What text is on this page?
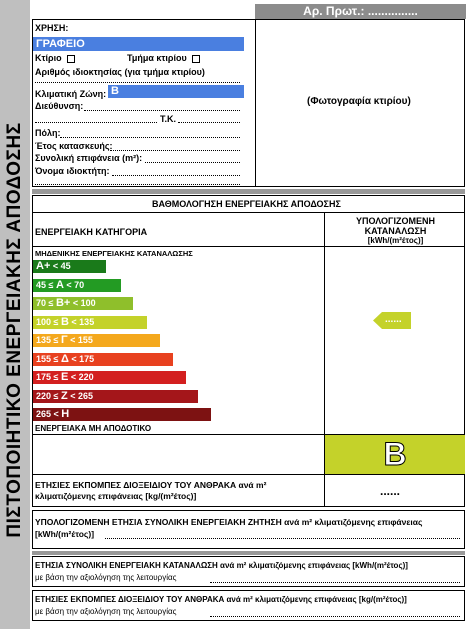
ΠΙΣΤΟΠΟΙΗΤΙΚΟ ΕΝΕΡΓΕΙΑΚΗΣ ΑΠΟΔΟΣΗΣ
Αρ. Πρωτ.: ...............
ΧΡΗΣΗ:
ΓΡΑΦΕΙΟ
Κτίριο	Τμήμα κτιρίου
Αριθμός ιδιοκτησίας (για τμήμα κτιρίου)
Κλιματική Ζώνη: Β
Διεύθυνση:
Τ.Κ.
Πόλη:
Έτος κατασκευής:
Συνολική επιφάνεια (m²):
Όνομα ιδιοκτήτη:
(Φωτογραφία κτιρίου)
ΒΑΘΜΟΛΟΓΗΣΗ ΕΝΕΡΓΕΙΑΚΗΣ ΑΠΟΔΟΣΗΣ
ΕΝΕΡΓΕΙΑΚΗ ΚΑΤΗΓΟΡΙΑ
ΥΠΟΛΟΓΙΖΟΜΕΝΗ
ΚΑΤΑΝΑΛΩΣΗ
[kWh/(m²έτος)]
ΜΗΔΕΝΙΚΗΣ ΕΝΕΡΓΕΙΑΚΗΣ ΚΑΤΑΝΑΛΩΣΗΣ
A+ < 45
45 ≤ A < 70
70 ≤ B+ < 100
100 ≤ B < 135
135 ≤ Γ < 155
155 ≤ Δ < 175
175 ≤ E < 220
220 ≤ Z < 265
265 < H
......
ΕΝΕΡΓΕΙΑΚΑ ΜΗ ΑΠΟΔΟΤΙΚΟ
B
ΕΤΗΣΙΕΣ ΕΚΠΟΜΠΕΣ ΔΙΟΞΕΙΔΙΟΥ ΤΟΥ ΑΝΘΡΑΚΑ ανά m²
κλιματιζόμενης επιφάνειας [kg/(m²έτος)]	......
ΥΠΟΛΟΓΙΖΟΜΕΝΗ ΕΤΗΣΙΑ ΣΥΝΟΛΙΚΗ ΕΝΕΡΓΕΙΑΚΗ ΖΗΤΗΣΗ ανά m² κλιματιζόμενης επιφάνειας
[kWh/(m²έτος)]
ΕΤΗΣΙΑ ΣΥΝΟΛΙΚΗ ΕΝΕΡΓΕΙΑΚΗ ΚΑΤΑΝΑΛΩΣΗ ανά m² κλιματιζόμενης επιφάνειας [kWh/(m²έτος)]
με βάση την αξιολόγηση της λειτουργίας
ΕΤΗΣΙΕΣ ΕΚΠΟΜΠΕΣ ΔΙΟΞΕΙΔΙΟΥ ΤΟΥ ΑΝΘΡΑΚΑ ανά m² κλιματιζόμενης επιφάνειας [kg/(m²έτος)]
με βάση την αξιολόγηση της λειτουργίας
